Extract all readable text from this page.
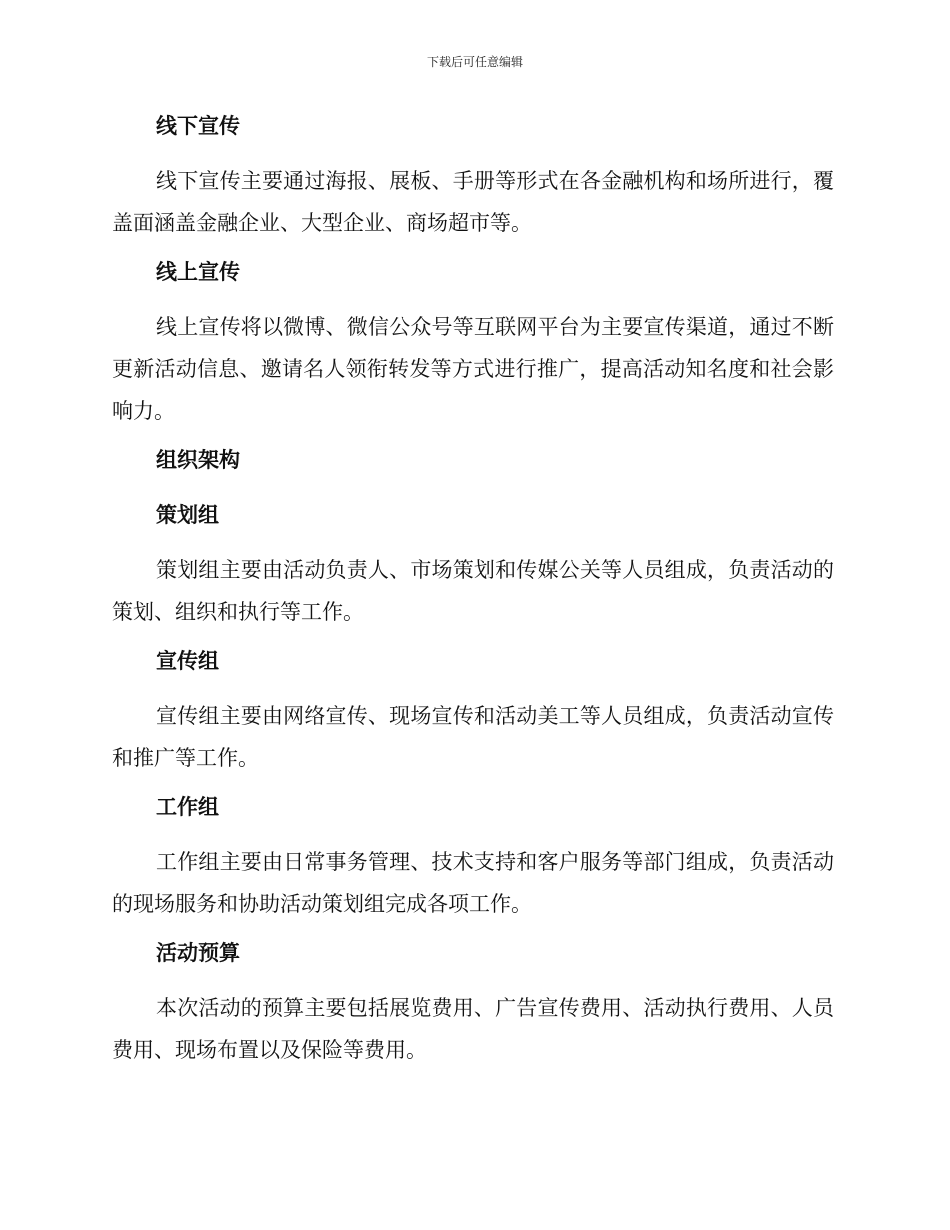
下载后可任意编辑
线下宣传

线下宣传主要通过海报、展板、手册等形式在各金融机构和场所进行，覆盖面涵盖金融企业、大型企业、商场超市等。

线上宣传

线上宣传将以微博、微信公众号等互联网平台为主要宣传渠道，通过不断更新活动信息、邀请名人领衔转发等方式进行推广，提高活动知名度和社会影响力。

组织架构
策划组

策划组主要由活动负责人、市场策划和传媒公关等人员组成，负责活动的策划、组织和执行等工作。

宣传组

宣传组主要由网络宣传、现场宣传和活动美工等人员组成，负责活动宣传和推广等工作。

工作组

工作组主要由日常事务管理、技术支持和客户服务等部门组成，负责活动的现场服务和协助活动策划组完成各项工作。

活动预算

本次活动的预算主要包括展览费用、广告宣传费用、活动执行费用、人员费用、现场布置以及保险等费用。
